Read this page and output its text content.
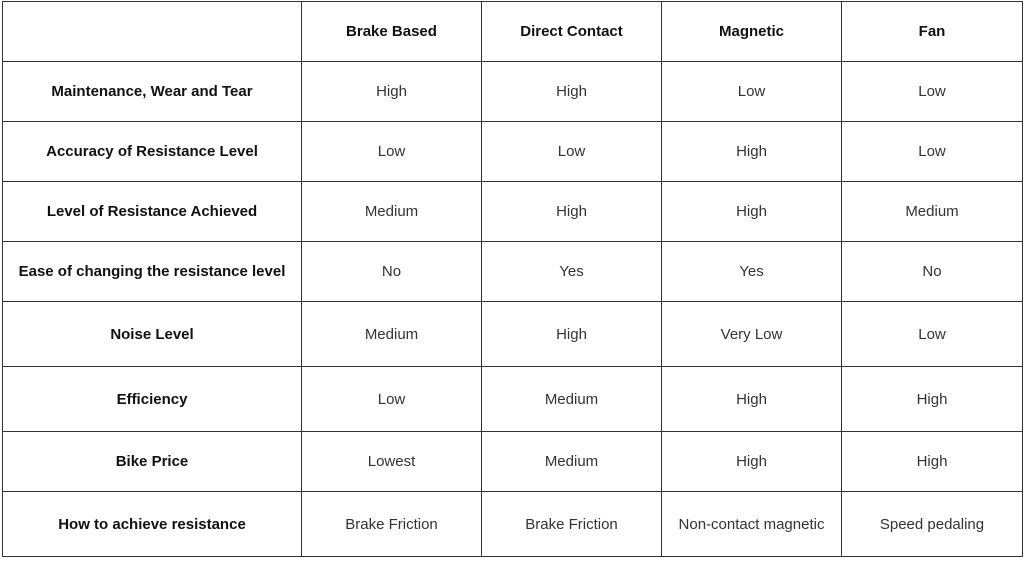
	Brake Based	Direct Contact	Magnetic	Fan
Maintenance, Wear and Tear	High	High	Low	Low
Accuracy of Resistance Level	Low	Low	High	Low
Level of Resistance Achieved	Medium	High	High	Medium
Ease of changing the resistance level	No	Yes	Yes	No
Noise Level	Medium	High	Very Low	Low
Efficiency	Low	Medium	High	High
Bike Price	Lowest	Medium	High	High
How to achieve resistance	Brake Friction	Brake Friction	Non-contact magnetic	Speed pedaling
